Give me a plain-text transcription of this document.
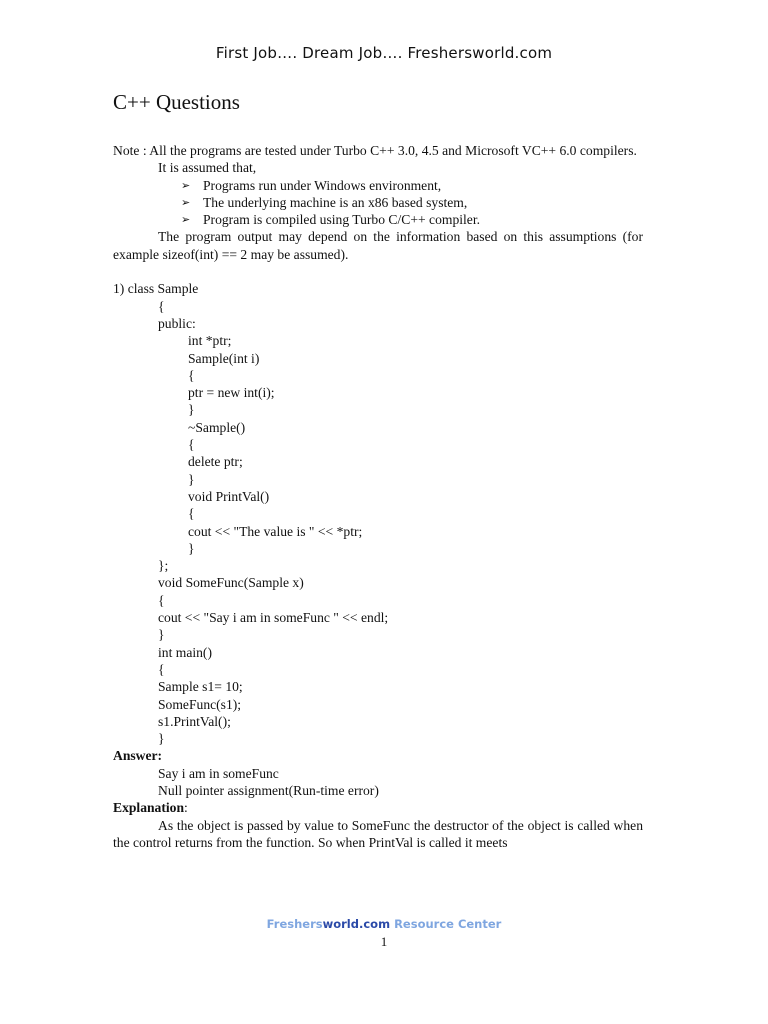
First Job…. Dream Job…. Freshersworld.com
C++ Questions
Note : All the programs are tested under Turbo C++ 3.0, 4.5 and Microsoft VC++ 6.0 compilers.
It is assumed that,
➢ Programs run under Windows environment,
➢ The underlying machine is an x86 based system,
➢ Program is compiled using Turbo C/C++ compiler.
The program output may depend on the information based on this assumptions (for example sizeof(int) == 2 may be assumed).
1) class Sample
{
public:
int *ptr;
Sample(int i)
{
ptr = new int(i);
}
~Sample()
{
delete ptr;
}
void PrintVal()
{
cout << "The value is " << *ptr;
}
};
void SomeFunc(Sample x)
{
cout << "Say i am in someFunc " << endl;
}
int main()
{
Sample s1= 10;
SomeFunc(s1);
s1.PrintVal();
}
Answer:
Say i am in someFunc
Null pointer assignment(Run-time error)
Explanation:
As the object is passed by value to SomeFunc the destructor of the object is called when the control returns from the function. So when PrintVal is called it meets
Freshersworld.com Resource Center
1
